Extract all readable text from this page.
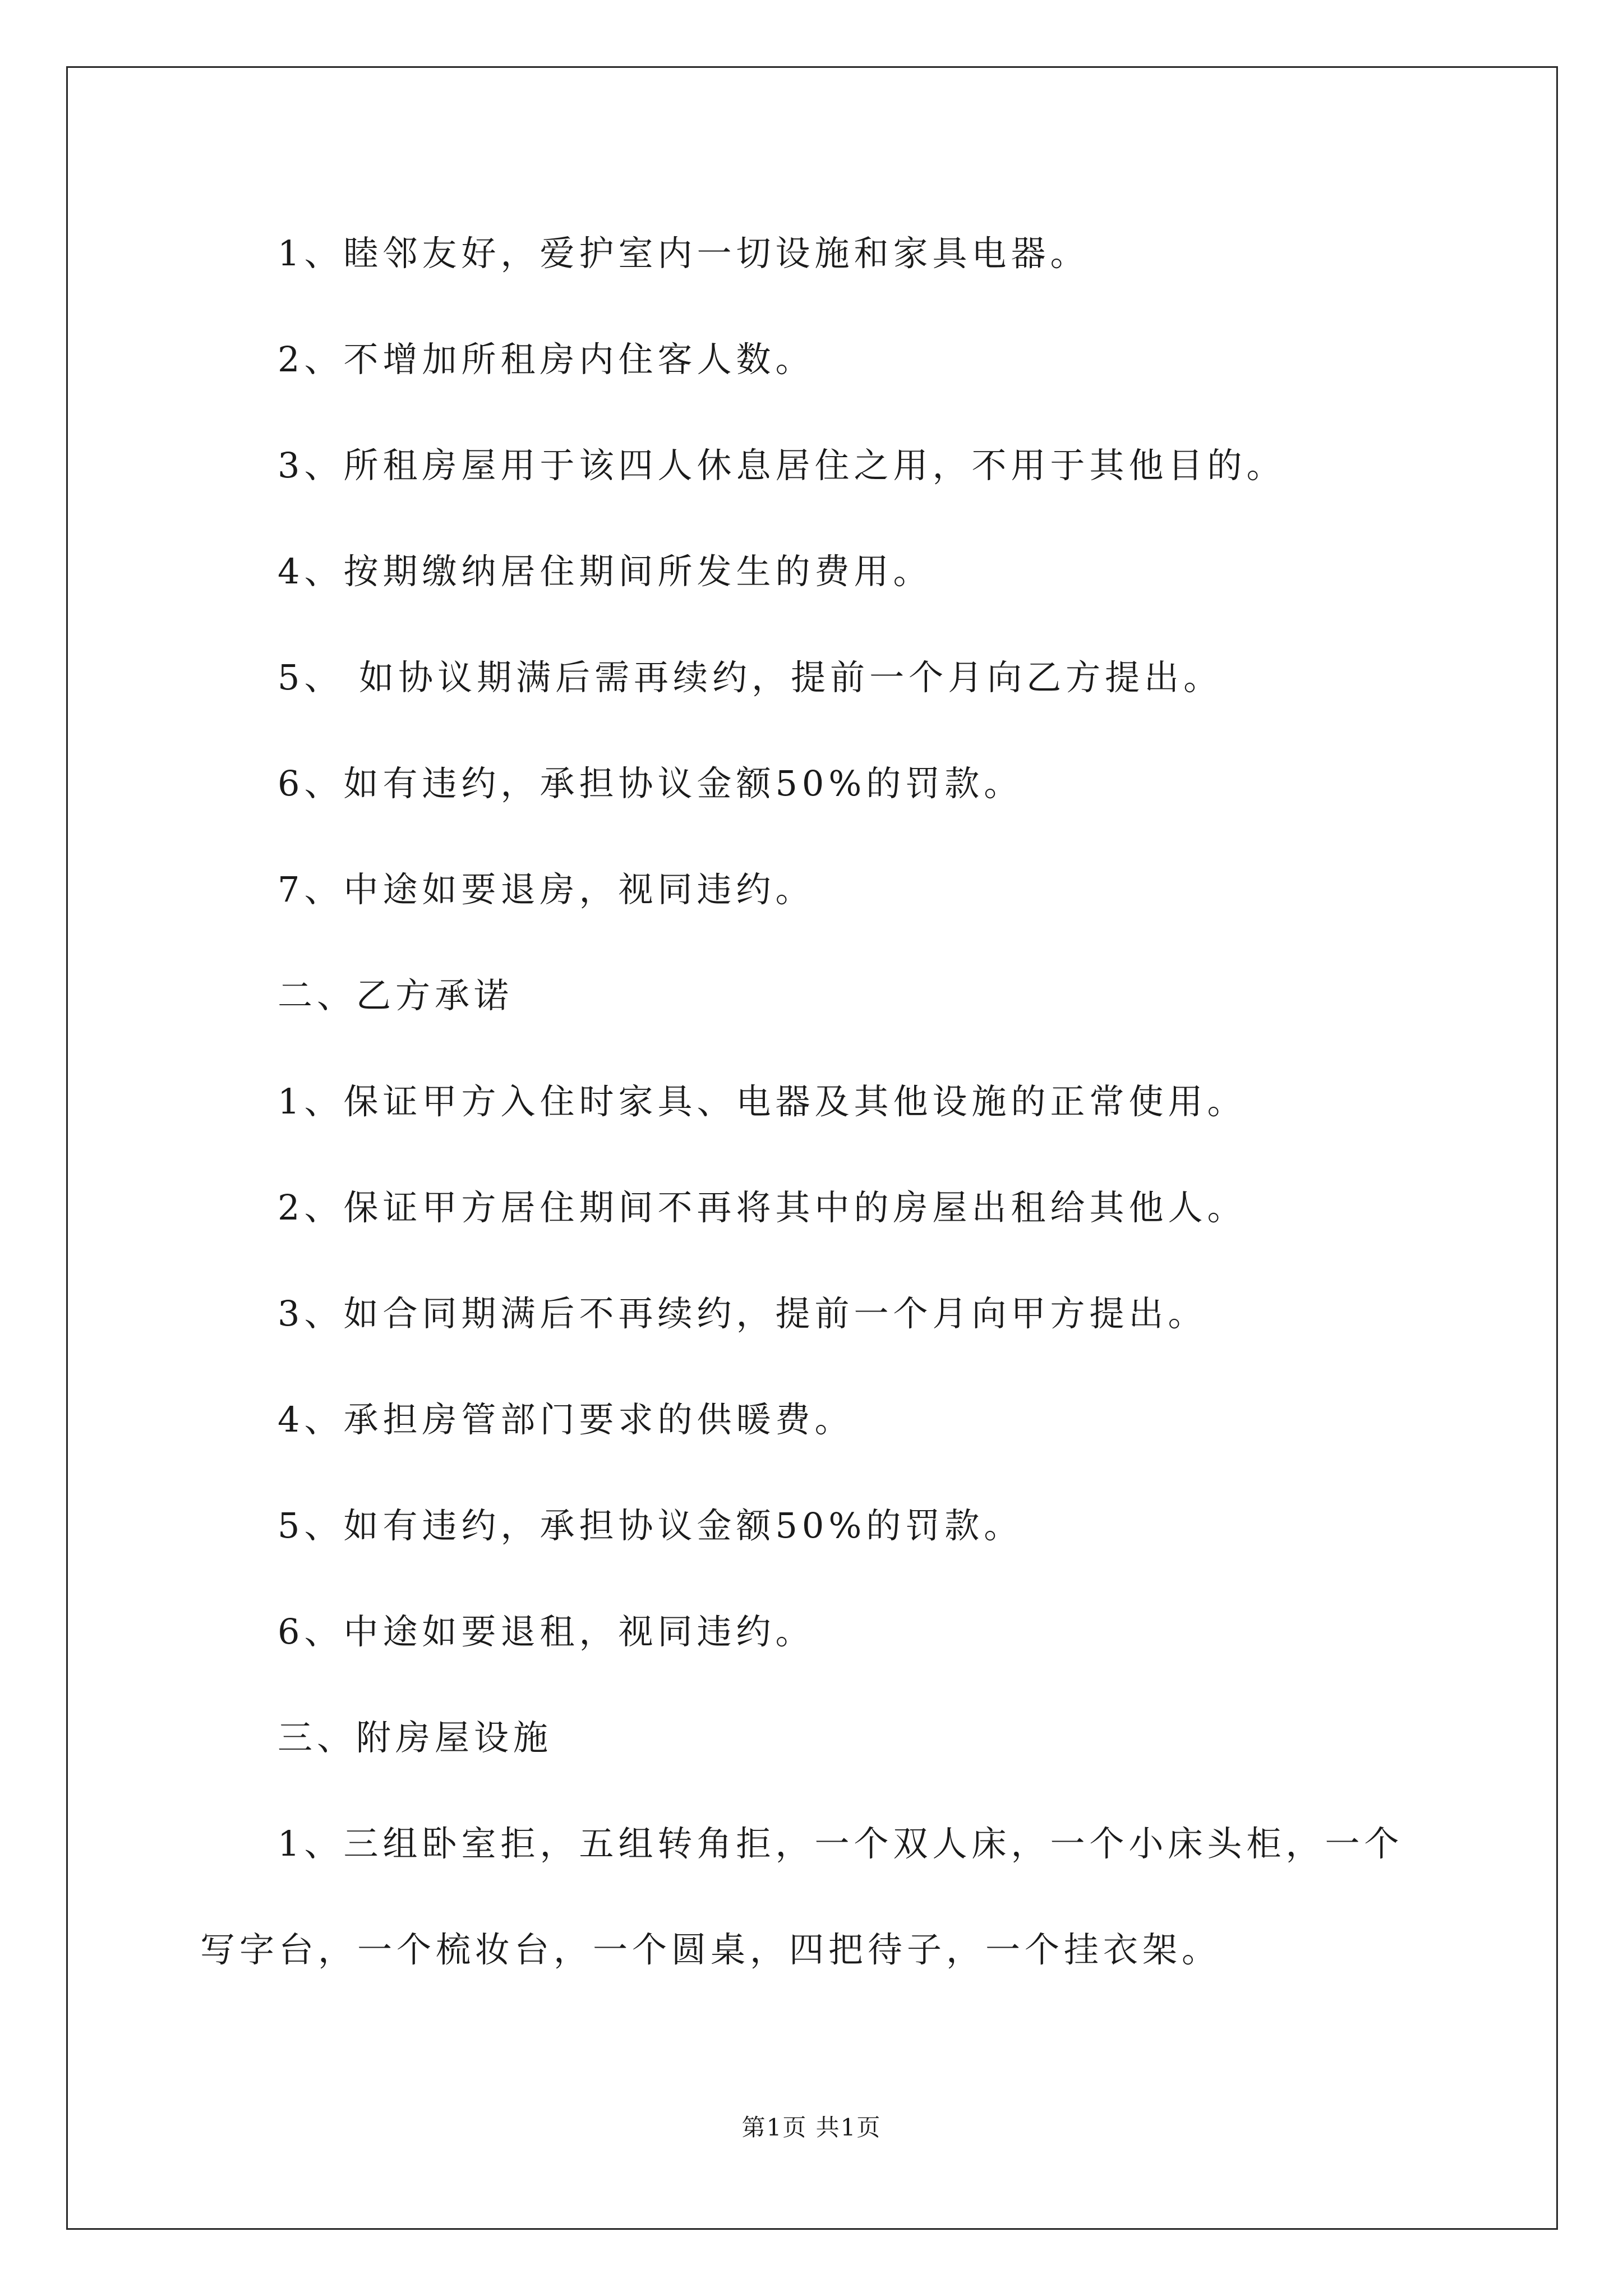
1、睦邻友好，爱护室内一切设施和家具电器。
2、不增加所租房内住客人数。
3、所租房屋用于该四人休息居住之用，不用于其他目的。
4、按期缴纳居住期间所发生的费用。
5、 如协议期满后需再续约，提前一个月向乙方提出。
6、如有违约，承担协议金额50%的罚款。
7、中途如要退房，视同违约。
二、乙方承诺
1、保证甲方入住时家具、电器及其他设施的正常使用。
2、保证甲方居住期间不再将其中的房屋出租给其他人。
3、如合同期满后不再续约，提前一个月向甲方提出。
4、承担房管部门要求的供暖费。
5、如有违约，承担协议金额50%的罚款。
6、中途如要退租，视同违约。
三、附房屋设施
1、三组卧室拒，五组转角拒，一个双人床，一个小床头柜，一个
写字台，一个梳妆台，一个圆桌，四把待子，一个挂衣架。
第1页 共1页
